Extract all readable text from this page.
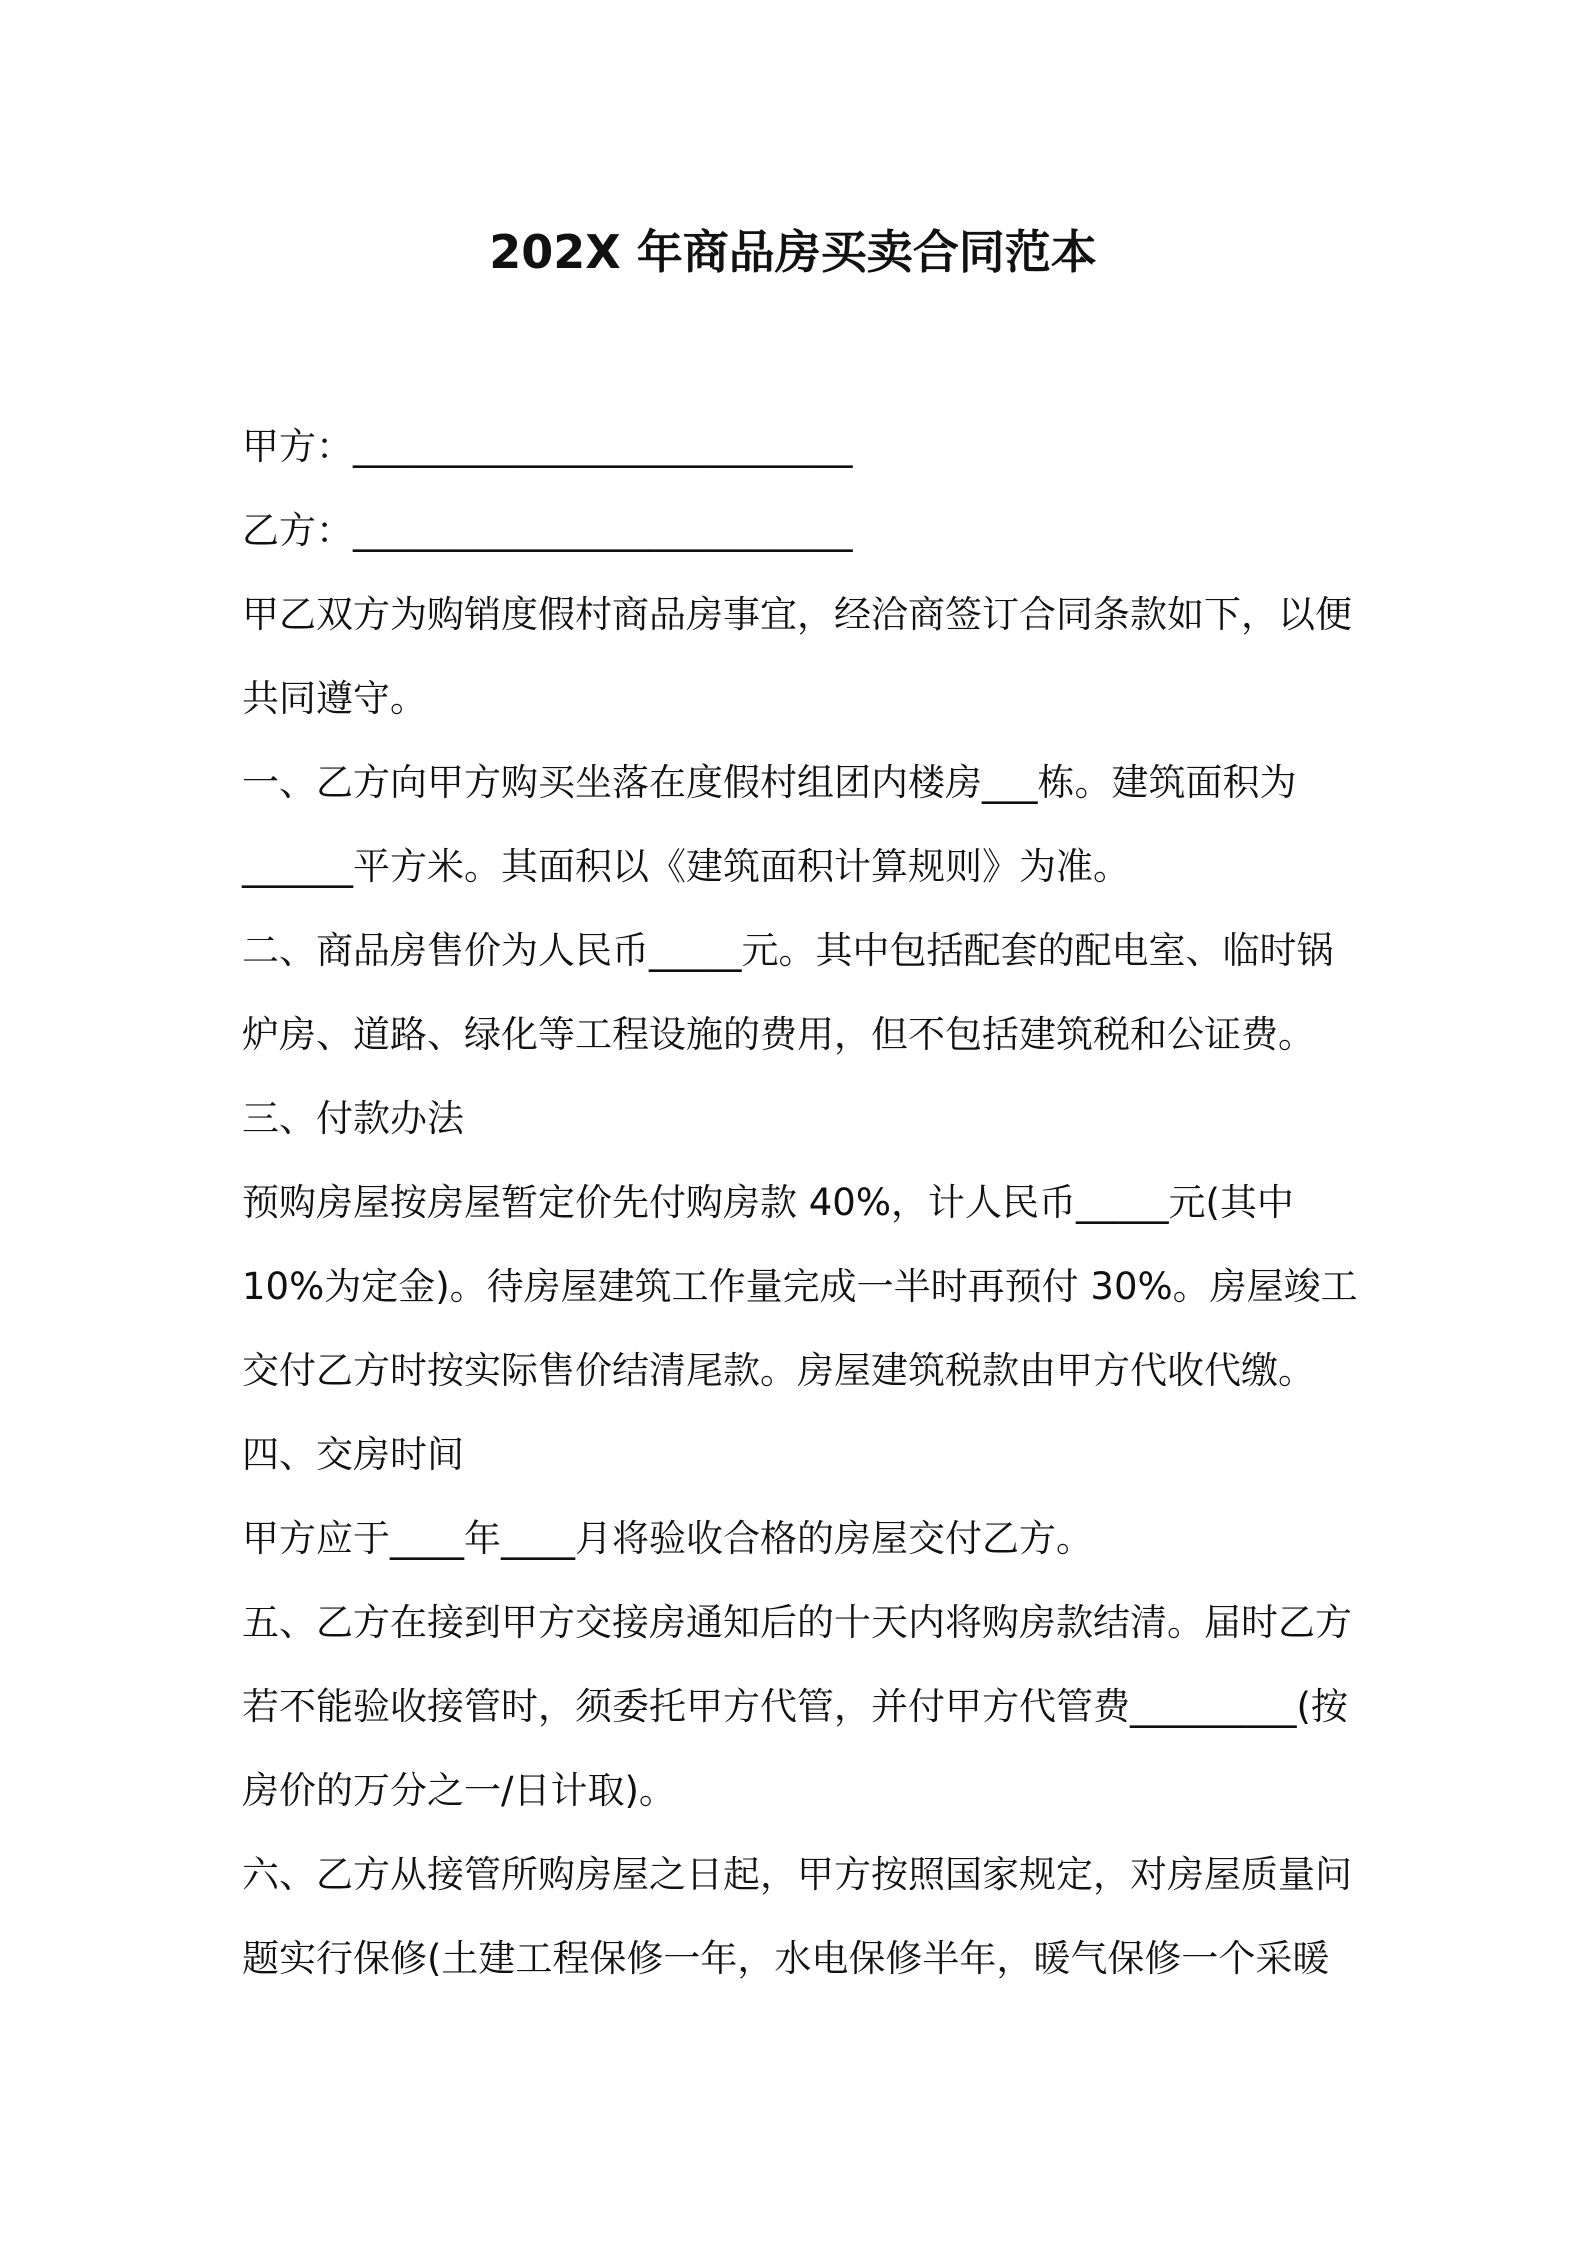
202X 年商品房买卖合同范本
甲方：___________________________
乙方：___________________________
甲乙双方为购销度假村商品房事宜，经洽商签订合同条款如下，以便
共同遵守。
一、乙方向甲方购买坐落在度假村组团内楼房___栋。建筑面积为
______平方米。其面积以《建筑面积计算规则》为准。
二、商品房售价为人民币_____元。其中包括配套的配电室、临时锅
炉房、道路、绿化等工程设施的费用，但不包括建筑税和公证费。
三、付款办法
预购房屋按房屋暂定价先付购房款 40%，计人民币_____元(其中
10%为定金)。待房屋建筑工作量完成一半时再预付 30%。房屋竣工
交付乙方时按实际售价结清尾款。房屋建筑税款由甲方代收代缴。
四、交房时间
甲方应于____年____月将验收合格的房屋交付乙方。
五、乙方在接到甲方交接房通知后的十天内将购房款结清。届时乙方
若不能验收接管时，须委托甲方代管，并付甲方代管费_________(按
房价的万分之一/日计取)。
六、乙方从接管所购房屋之日起，甲方按照国家规定，对房屋质量问
题实行保修(土建工程保修一年，水电保修半年，暖气保修一个采暖
